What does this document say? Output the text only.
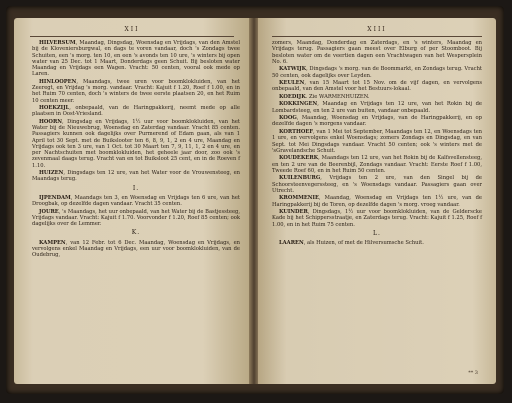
XII

HILVERSUM, Maandag, Dingsdag, Woensdag en Vrijdags, van den Amstel bij de Kloveniersburgwal, en dags te voren vandaar, doch 's Zondags twee Schuiten, een 's morg. ten 10, en een 's avonds ten 10 ure, 's winters bij open water van 25 Dec. tot 1 Maart, Donderdags geen Schuit. Bij besloten water Maandag en Vrijdags een Wagen. Vracht: 50 centen, vooral ook mede op Laren.

HINLOOPEN, Maandags, twee uren voor boomklokluiden, van het Zeeregt, en Vrijdag 's morg. vandaar. Vracht: Kajuit f 1.20, Roef f 1.00, en in het Ruim 70 centen, doch 's winters de twee eerste plaatsen 20, en het Ruim 10 centen meer.

HOEKZIJL, onbepaald, van de Haringpakkerij, neemt mede op alle plaatsen in Oost-Vriesland.

HOORN, Dingsdag en Vrijdags, 1½ uur voor boomklokluiden, van het Water bij de Nieuwebrug, Woensdag en Zaterdag vandaar. Vracht 85 centen. Passagiers kunnen ook dagelijks over Purmerend of Edam gaan, als van 1 April tot 30 Sept. met de Buikslooter ten 6, 8, 9, 1, 2 en 4 ure, Maandag en Vrijdags ook ten 3 ure, van 1 Oct. tot 30 Maart ten 7, 9, 11, 1, 2 en 4 ure, en per Nachtschuiten met boomklokluiden, het geheele jaar door, zoo ook 's zevenmaal daags terug. Vracht van en tot Buiksloot 25 cent, en in de Roeven f 1.10.

HUIZEN, Dingsdags ten 12 ure, van het Water voor de Vrouwensteeg, en Maandags terug.

I.

IJPENDAM, Maandags ten 3, en Woensdag en Vrijdags ten 6 ure, van het Droogbak, op dezelfde dagen vandaar. Vracht 35 centen.

JOURE, 's Maandags, het uur onbepaald, van het Water bij de Bastjessteeg, Vrijdags vandaar. Vracht: Kajuit f 1.70. Voorvonder f 1.20, Roef 85 centen; ook dagelijks over de Lemmer.

K.

KAMPEN, van 12 Febr. tot 6 Dec. Maandag, Woensdag en Vrijdags, en vervolgens enkel Maandag en Vrijdags, een uur voor boomklokluiden, van de Oudebrug,

XIII

zomers, Maandag, Donderdag en Zaterdags, en 's winters, Maandag en Vrijdags terug. Passagiers gaan meest over Elburg of per Stoomboot. Bij besloten water om de veertien dagen een Vrachtwagen van het Wespersplein No. 6.

KATWIJK, Dingsdags 's morg. van de Boommarkt, en Zondags terug. Vracht 50 centen, ook dagelijks over Leyden.

KEULEN, van 15 Maart tot 15 Nov. om de vijf dagen, en vervolgens onbepaald, van den Amstel voor het Bestuurs-lokaal.

KOEDIJK. Zie WARMENHUIZEN.

KOKKINGEN, Maandag en Vrijdags ten 12 ure, van het Rokin bij de Lombardsteeg, en ten 2 ure van buiten, vandaar onbepaald.

KOOG, Maandag, Woensdag en Vrijdags, van de Haringpakkerij, en op dezelfde dagen 's morgens vandaar.

KORTHOEF, van 1 Mei tot September, Maandags ten 12, en Woensdags ten 1 ure, en vervolgens enkel Woensdags; zomers Zondags en Dingsdag, en van Sept. tot Mei Dingsdags vandaar. Vracht 50 centen; ook 's winters met de 'sGravelandsche Schuit.

KOUDEKERK, Maandags ten 12 ure, van het Rokin bij de Kalfsvellensteeg, en ten 2 ure van de Beerenbijl, Zondags vandaar. Vracht: Eerste Roef f 1.00, Tweede Roef 60, en in het Ruim 50 centen.

KUILENBURG, Vrijdags ten 2 ure, van den Singel bij de Schoorsteenvegerssteeg, en 's Woensdags vandaar. Passagiers gaan over Utrecht.

KROMMENIE, Maandag, Woensdag en Vrijdags ten 1½ ure, van de Haringpakkerij bij de Toren, op dezelfde dagen 's morg. vroeg vandaar.

KUINDER, Dingsdags, 1½ uur voor boomklokluiden, van de Gelderscke Kade bij het Schippersstraatje, en Zaterdags terug. Vracht: Kajuit f 1.25, Roef f 1.00, en in het Ruim 75 centen.

L.

LAAREN, als Huizen, of met de Hilversumsche Schuit.

** 3
